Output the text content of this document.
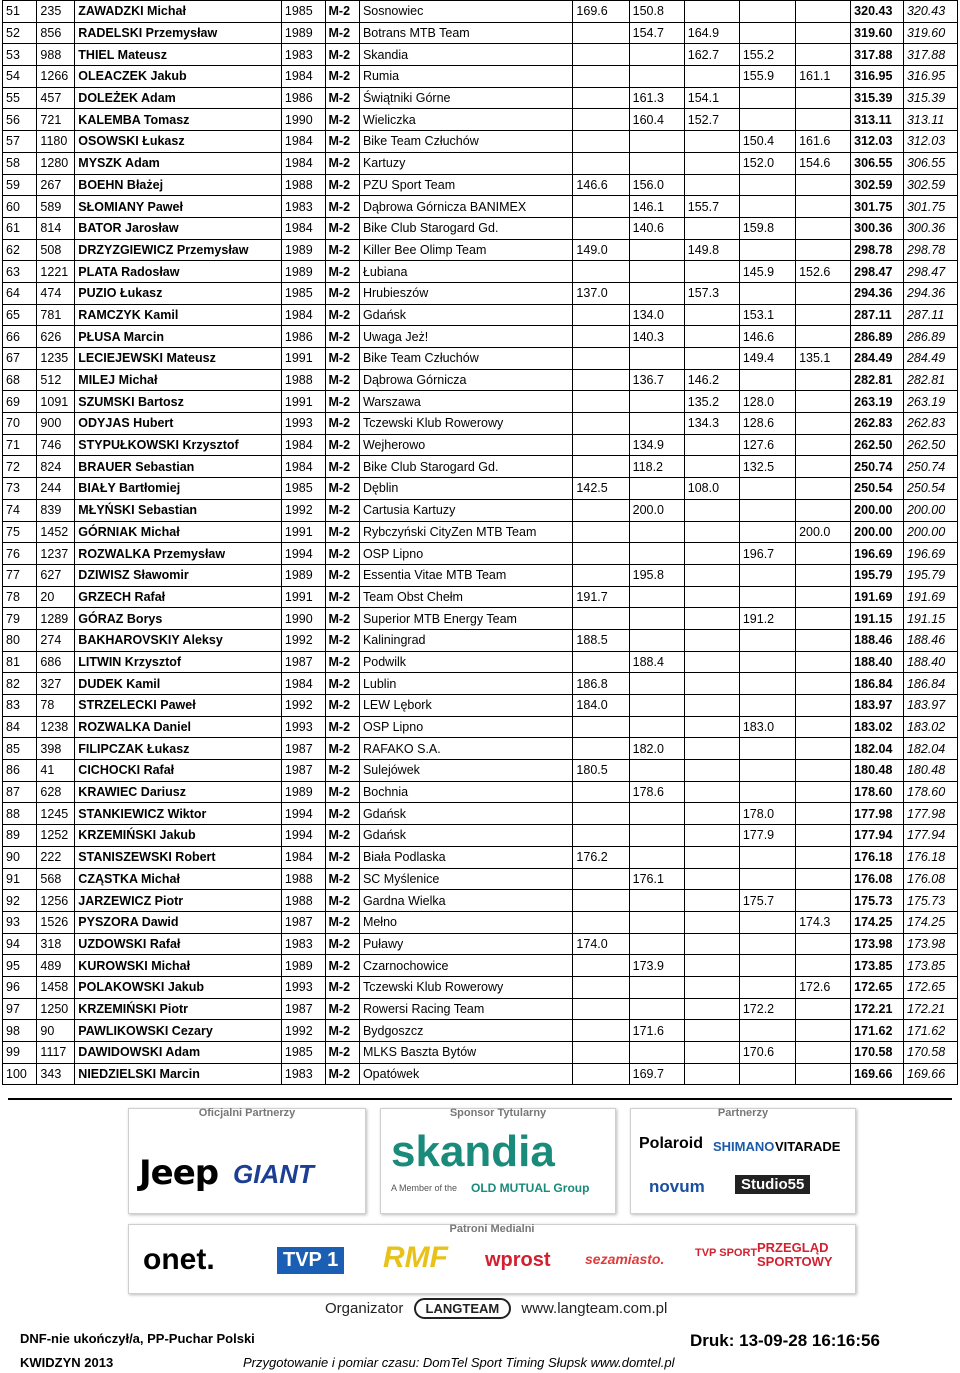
51	235	ZAWADZKI Michał	1985	M-2	Sosnowiec	169.6	150.8				320.43	320.43
52	856	RADELSKI Przemysław	1989	M-2	Botrans MTB Team		154.7	164.9			319.60	319.60
53	988	THIEL Mateusz	1983	M-2	Skandia			162.7	155.2		317.88	317.88
54	1266	OLEACZEK Jakub	1984	M-2	Rumia				155.9	161.1	316.95	316.95
55	457	DOLEŻEK Adam	1986	M-2	Świątniki Górne		161.3	154.1			315.39	315.39
56	721	KALEMBA Tomasz	1990	M-2	Wieliczka		160.4	152.7			313.11	313.11
57	1180	OSOWSKI Łukasz	1984	M-2	Bike Team Człuchów				150.4	161.6	312.03	312.03
58	1280	MYSZK Adam	1984	M-2	Kartuzy				152.0	154.6	306.55	306.55
59	267	BOEHN Błażej	1988	M-2	PZU Sport Team	146.6	156.0				302.59	302.59
60	589	SŁOMIANY Paweł	1983	M-2	Dąbrowa Górnicza BANIMEX		146.1	155.7			301.75	301.75
61	814	BATOR Jarosław	1984	M-2	Bike Club Starogard Gd.		140.6		159.8		300.36	300.36
62	508	DRZYZGIEWICZ Przemysław	1989	M-2	Killer Bee Olimp Team	149.0		149.8			298.78	298.78
63	1221	PLATA Radosław	1989	M-2	Łubiana				145.9	152.6	298.47	298.47
64	474	PUZIO Łukasz	1985	M-2	Hrubieszów	137.0		157.3			294.36	294.36
65	781	RAMCZYK Kamil	1984	M-2	Gdańsk		134.0		153.1		287.11	287.11
66	626	PŁUSA Marcin	1986	M-2	Uwaga Jeż!		140.3		146.6		286.89	286.89
67	1235	LECIEJEWSKI Mateusz	1991	M-2	Bike Team Człuchów				149.4	135.1	284.49	284.49
68	512	MILEJ Michał	1988	M-2	Dąbrowa Górnicza		136.7	146.2			282.81	282.81
69	1091	SZUMSKI Bartosz	1991	M-2	Warszawa			135.2	128.0		263.19	263.19
70	900	ODYJAS Hubert	1993	M-2	Tczewski Klub Rowerowy			134.3	128.6		262.83	262.83
71	746	STYPUŁKOWSKI Krzysztof	1984	M-2	Wejherowo		134.9		127.6		262.50	262.50
72	824	BRAUER Sebastian	1984	M-2	Bike Club Starogard Gd.		118.2		132.5		250.74	250.74
73	244	BIAŁY Bartłomiej	1985	M-2	Dęblin	142.5		108.0			250.54	250.54
74	839	MŁYŃSKI Sebastian	1992	M-2	Cartusia Kartuzy		200.0				200.00	200.00
75	1452	GÓRNIAK Michał	1991	M-2	Rybczyński CityZen MTB Team					200.0	200.00	200.00
76	1237	ROZWALKA Przemysław	1994	M-2	OSP Lipno				196.7		196.69	196.69
77	627	DZIWISZ Sławomir	1989	M-2	Essentia Vitae MTB Team		195.8				195.79	195.79
78	20	GRZECH Rafał	1991	M-2	Team Obst Chełm	191.7					191.69	191.69
79	1289	GÓRAZ Borys	1990	M-2	Superior MTB Energy Team				191.2		191.15	191.15
80	274	BAKHAROVSKIY Aleksy	1992	M-2	Kaliningrad	188.5					188.46	188.46
81	686	LITWIN Krzysztof	1987	M-2	Podwilk		188.4				188.40	188.40
82	327	DUDEK Kamil	1984	M-2	Lublin	186.8					186.84	186.84
83	78	STRZELECKI Paweł	1992	M-2	LEW Lębork	184.0					183.97	183.97
84	1238	ROZWALKA Daniel	1993	M-2	OSP Lipno				183.0		183.02	183.02
85	398	FILIPCZAK Łukasz	1987	M-2	RAFAKO S.A.		182.0				182.04	182.04
86	41	CICHOCKI Rafał	1987	M-2	Sulejówek	180.5					180.48	180.48
87	628	KRAWIEC Dariusz	1989	M-2	Bochnia		178.6				178.60	178.60
88	1245	STANKIEWICZ Wiktor	1994	M-2	Gdańsk				178.0		177.98	177.98
89	1252	KRZEMIŃSKI Jakub	1994	M-2	Gdańsk				177.9		177.94	177.94
90	222	STANISZEWSKI Robert	1984	M-2	Biała Podlaska	176.2					176.18	176.18
91	568	CZĄSTKA Michał	1988	M-2	SC Myślenice		176.1				176.08	176.08
92	1256	JARZEWICZ Piotr	1988	M-2	Gardna Wielka				175.7		175.73	175.73
93	1526	PYSZORA Dawid	1987	M-2	Mełno					174.3	174.25	174.25
94	318	UZDOWSKI Rafał	1983	M-2	Puławy	174.0					173.98	173.98
95	489	KUROWSKI Michał	1989	M-2	Czarnochowice		173.9				173.85	173.85
96	1458	POLAKOWSKI Jakub	1993	M-2	Tczewski Klub Rowerowy					172.6	172.65	172.65
97	1250	KRZEMIŃSKI Piotr	1987	M-2	Rowersi Racing Team				172.2		172.21	172.21
98	90	PAWLIKOWSKI Cezary	1992	M-2	Bydgoszcz		171.6				171.62	171.62
99	1117	DAWIDOWSKI Adam	1985	M-2	MLKS Baszta Bytów				170.6		170.58	170.58
100	343	NIEDZIELSKI Marcin	1983	M-2	Opatówek		169.7				169.66	169.66
Oficjalni Partnerzy
Jeep GIANT
Sponsor Tytularny
skandia
A Member of the OLD MUTUAL Group
Partnerzy
Polaroid SHIMANO VITARADE
novum	Studio55
Patroni Medialni
onet.	TVP 1 RMF wprost sezamiasto.	TVP SPORT PRZEGLĄD SPORTOWY
Organizator LANGTEAM www.langteam.com.pl
DNF-nie ukończył/a, PP-Puchar Polski
KWIDZYN 2013	Przygotowanie i pomiar czasu: DomTel Sport Timing Słupsk www.domtel.pl
Druk: 13-09-28 16:16:56
